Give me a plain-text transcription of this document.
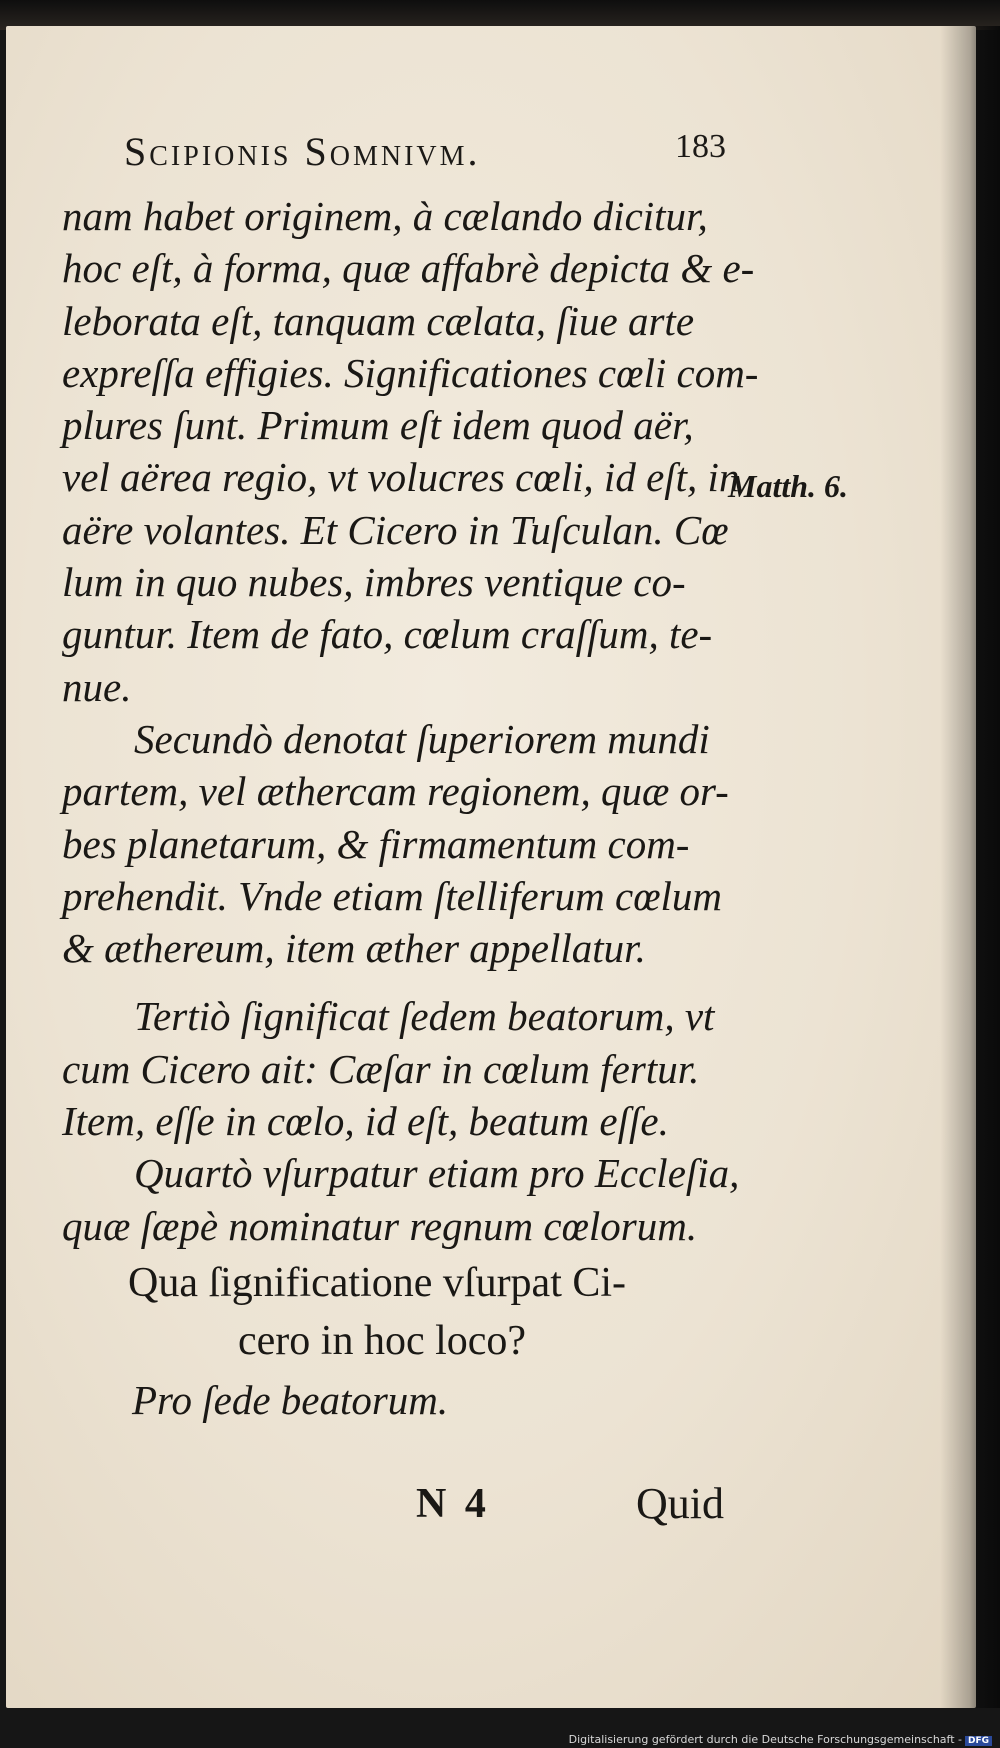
Scipionis Somnivm.	183
nam habet originem, à cælando dicitur,
hoc eſt, à forma, quæ affabrè depicta & e-
leborata eſt, tanquam cælata, ſiue arte
expreſſa effigies. Significationes cœli com-
plures ſunt. Primum eſt idem quod aër,
vel aërea regio, vt volucres cœli, id eſt, in
aëre volantes. Et Cicero in Tuſculan. Cœ
lum in quo nubes, imbres ventique co-
guntur. Item de fato, cœlum craſſum, te-
nue.
Secundò denotat ſuperiorem mundi
partem, vel æthercam regionem, quæ or-
bes planetarum, & firmamentum com-
prehendit. Vnde etiam ſtelliferum cœlum
& æthereum, item æther appellatur.
Tertiò ſignificat ſedem beatorum, vt
cum Cicero ait: Cæſar in cœlum fertur.
Item, eſſe in cœlo, id eſt, beatum eſſe.
Quartò vſurpatur etiam pro Eccleſia,
quæ ſæpè nominatur regnum cœlorum.
Matth. 6.
Qua ſignificatione vſurpat Ci-
cero in hoc loco?
Pro ſede beatorum.
N 4	Quid
Digitalisierung gefördert durch die Deutsche Forschungsgemeinschaft - DFG
